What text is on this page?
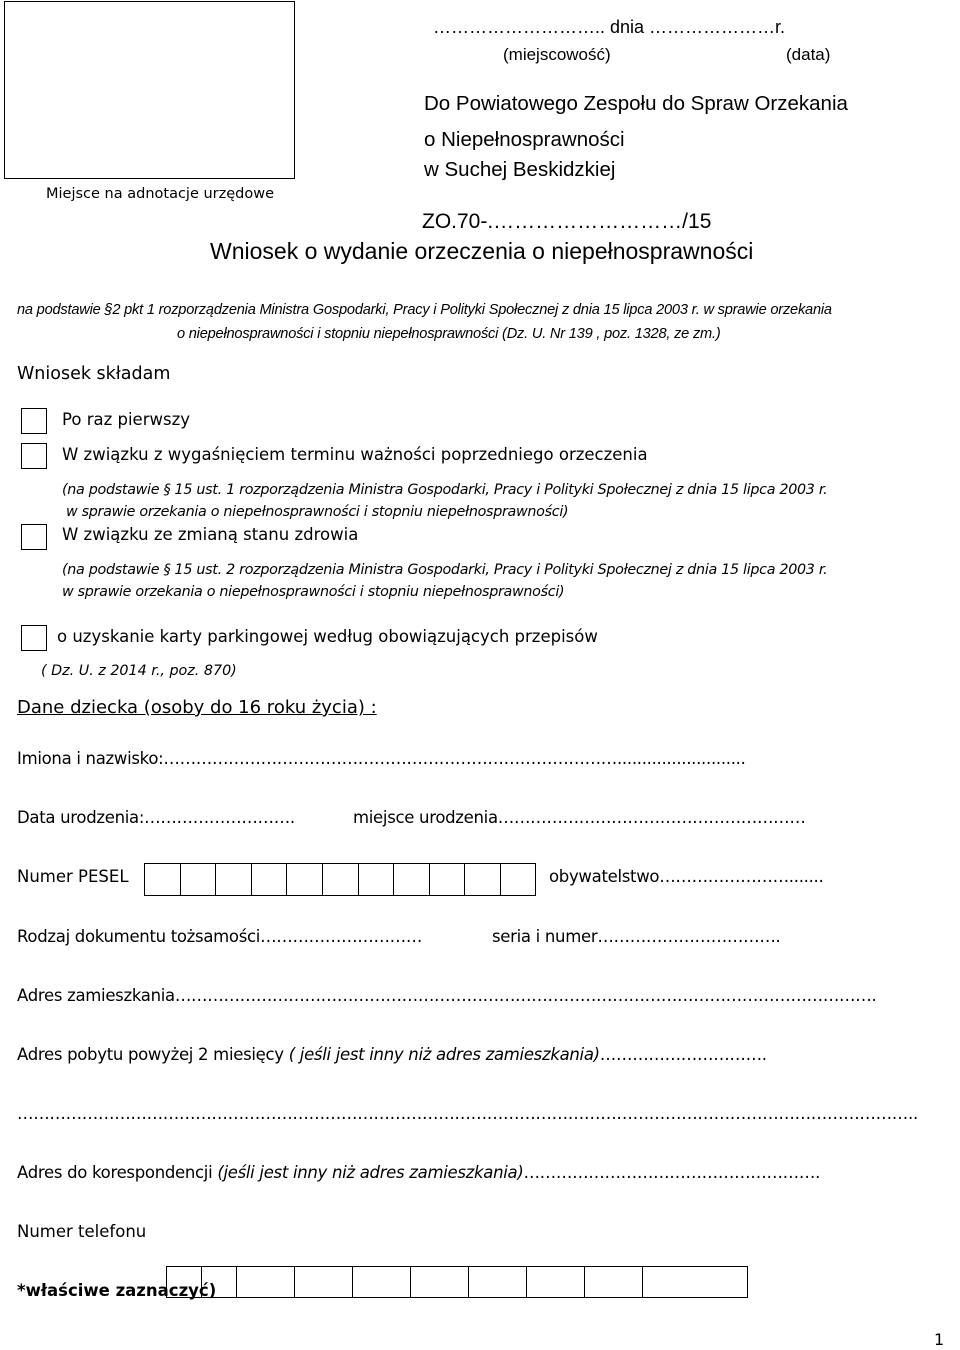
Miejsce na adnotacje urzędowe
……………………….. dnia …………………r.
(miejscowość)	(data)
Do Powiatowego Zespołu do Spraw Orzekania
o Niepełnosprawności
w Suchej Beskidzkiej
ZO.70-.………………………/15
Wniosek o wydanie orzeczenia o niepełnosprawności
na podstawie §2 pkt 1 rozporządzenia Ministra Gospodarki, Pracy i Polityki Społecznej z dnia 15 lipca 2003 r. w sprawie orzekania
o niepełnosprawności i stopniu niepełnosprawności (Dz. U. Nr 139 , poz. 1328, ze zm.)
Wniosek składam
Po raz pierwszy
W związku z wygaśnięciem terminu ważności poprzedniego orzeczenia
(na podstawie § 15 ust. 1 rozporządzenia Ministra Gospodarki, Pracy i Polityki Społecznej z dnia 15 lipca 2003 r.
w sprawie orzekania o niepełnosprawności i stopniu niepełnosprawności)
W związku ze zmianą stanu zdrowia
(na podstawie § 15 ust. 2 rozporządzenia Ministra Gospodarki, Pracy i Polityki Społecznej z dnia 15 lipca 2003 r.
w sprawie orzekania o niepełnosprawności i stopniu niepełnosprawności)
o uzyskanie karty parkingowej według obowiązujących przepisów
( Dz. U. z 2014 r., poz. 870)
Dane dziecka (osoby do 16 roku życia) :
Imiona i nazwisko:…………………………………………………………………………..........................
Data urodzenia:……………………….	miejsce urodzenia…………………………………………………
Numer PESEL	obywatelstwo…………………….......
Rodzaj dokumentu tożsamości…………………………	seria i numer…………………………….
Adres zamieszkania………………………………………………………………………………………………………………….
Adres pobytu powyżej 2 miesięcy ( jeśli jest inny niż adres zamieszkania)………………………….
…………………………………………………………………………………………………………………………………………………..
Adres do korespondencji (jeśli jest inny niż adres zamieszkania)……………………………………………….
Numer telefonu
*właściwe zaznaczyć)
1
